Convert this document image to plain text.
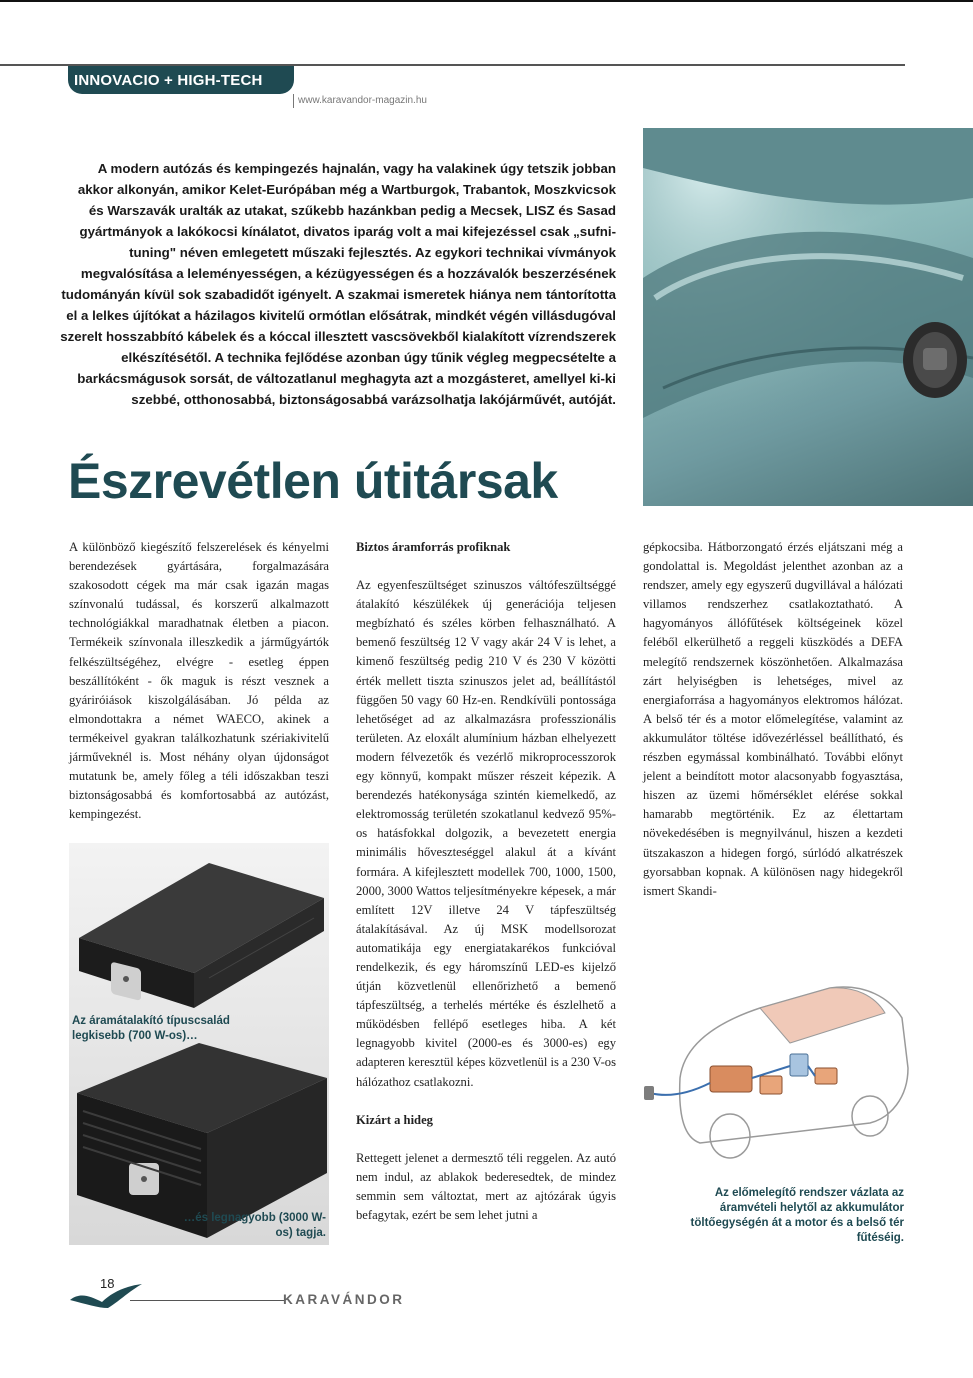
INNOVACIO + HIGH-TECH
www.karavandor-magazin.hu
A modern autózás és kempingezés hajnalán, vagy ha valakinek úgy tetszik jobban akkor alkonyán, amikor Kelet-Európában még a Wartburgok, Trabantok, Moszkvicsok és Warszavák uralták az utakat, szűkebb hazánkban pedig a Mecsek, LISZ és Sasad gyártmányok a lakókocsi kínálatot, divatos iparág volt a mai kifejezéssel csak „sufni-tuning" néven emlegetett műszaki fejlesztés. Az egykori technikai vívmányok megvalósítása a leleményességen, a kézügyességen és a hozzávalók beszerzésének tudományán kívül sok szabadidőt igényelt. A szakmai ismeretek hiánya nem tántorította el a lelkes újítókat a házilagos kivitelű ormótlan elősátrak, mindkét végén villásdugóval szerelt hosszabbító kábelek és a kóccal illesztett vascsövekből kialakított vízrendszerek elkészítésétől. A technika fejlődése azonban úgy tűnik végleg megpecsételte a barkácsmágusok sorsát, de változatlanul meghagyta azt a mozgásteret, amellyel ki-ki szebbé, otthonosabbá, biztonságosabbá varázsolhatja lakójárművét, autóját.
Észrevétlen útitársak

A különböző kiegészítő felszerelések és kényelmi berendezések gyártására, forgalmazására szakosodott cégek ma már csak igazán magas színvonalú tudással, és korszerű alkalmazott technológiákkal maradhatnak életben a piacon. Termékeik színvonala illeszkedik a járműgyártók felkészültségéhez, elvégre - esetleg éppen beszállítóként - ők maguk is részt vesznek a gyáriróiások kiszolgálásában. Jó példa az elmondottakra a német WAECO, akinek a termékeivel gyakran találkozhatunk szériakivitelű járműveknél is. Most néhány olyan újdonságot mutatunk be, amely főleg a téli időszakban teszi biztonságosabbá és komfortosabbá az autózást, kempingezést.

Az áramátalakító típuscsalád legkisebb (700 W-os)…
…és legnagyobb (3000 W-os) tagja.
Biztos áramforrás profiknak

Az egyenfeszültséget szinuszos váltófeszültséggé átalakító készülékek új generációja teljesen megbízható és széles körben felhasználható. A bemenő feszültség 12 V vagy akár 24 V is lehet, a kimenő feszültség pedig 210 V és 230 V közötti érték mellett tiszta szinuszos jelet ad, beállítástól függően 50 vagy 60 Hz-en. Rendkívüli pontossága lehetőséget ad az alkalmazásra professzionális területen. Az eloxált alumínium házban elhelyezett modern félvezetők és vezérlő mikroprocesszorok egy könnyű, kompakt műszer részeit képezik. A berendezés hatékonysága szintén kiemelkedő, az elektromosság területén szokatlanul kedvező 95%-os hatásfokkal dolgozik, a bevezetett energia minimális hőveszteséggel alakul át a kívánt formára. A kifejlesztett modellek 700, 1000, 1500, 2000, 3000 Wattos teljesítményekre képesek, a már említett 12V illetve 24 V tápfeszültség átalakításával. Az új MSK modellsorozat automatikája egy energiatakarékos funkcióval rendelkezik, és egy háromszínű LED-es kijelző útján közvetlenül ellenőrizhető a bemenő tápfeszültség, a terhelés mértéke és észlelhető a működésben fellépő esetleges hiba. A két legnagyobb kivitel (2000-es és 3000-es) egy adapteren keresztül képes közvetlenül is a 230 V-os hálózathoz csatlakozni.

Kizárt a hideg

Rettegett jelenet a dermesztő téli reggelen. Az autó nem indul, az ablakok bederesedtek, de mindez semmin sem változtat, mert az ajtózárak úgyis befagytak, ezért be sem lehet jutni a

gépkocsiba. Hátborzongató érzés eljátszani még a gondolattal is. Megoldást jelenthet azonban az a rendszer, amely egy egyszerű dugvillával a hálózati villamos rendszerhez csatlakoztatható. A hagyományos állófűtések költségeinek közel feléből elkerülhető a reggeli küszködés a DEFA melegítő rendszernek köszönhetően. Alkalmazása zárt helyiségben is lehetséges, mivel az energiaforrása a hagyományos elektromos hálózat. A belső tér és a motor előmelegítése, valamint az akkumulátor töltése idővezérléssel beállítható, és részben egymással kombinálható. További előnyt jelent a beindított motor alacsonyabb fogyasztása, hiszen az üzemi hőmérséklet elérése sokkal hamarabb megtörténik. Ez az élettartam növekedésében is megnyilvánul, hiszen a kezdeti ütszakaszon a hidegen forgó, súrlódó alkatrészek gyorsabban kopnak. A különösen nagy hidegekről ismert Skandi-

Az előmelegítő rendszer vázlata az áramvételi helytől az akkumulátor töltőegységén át a motor és a belső tér fűtéséig.
18
KARAVÁNDOR
